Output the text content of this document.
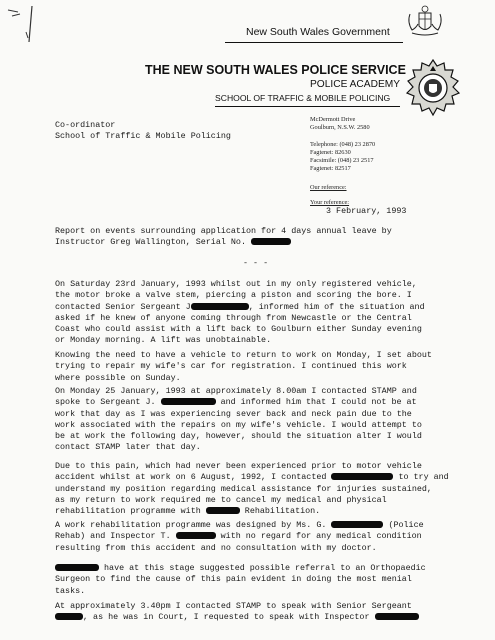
New South Wales Government
THE NEW SOUTH WALES POLICE SERVICE
POLICE ACADEMY
SCHOOL OF TRAFFIC & MOBILE POLICING
Co-ordinator
School of Traffic & Mobile Policing
McDermott Drive
Goulburn, N.S.W. 2580
Telephone: (048) 23 2870
Fagtenet: 82630
Facsimile: (048) 23 2517
Fagtenet: 82517
Our reference:
Your reference:
3 February, 1993
Report on events surrounding application for 4 days annual leave by
Instructor Greg Wallington, Serial No.
- - -
On Saturday 23rd January, 1993 whilst out in my only registered vehicle,
the motor broke a valve stem, piercing a piston and scoring the bore. I
contacted Senior Sergeant J	, informed him of the situation and
asked if he knew of anyone coming through from Newcastle or the Central
Coast who could assist with a lift back to Goulburn either Sunday evening
or Monday morning. A lift was unobtainable.
Knowing the need to have a vehicle to return to work on Monday, I set about
trying to repair my wife's car for registration. I continued this work
where possible on Sunday.
On Monday 25 January, 1993 at approximately 8.00am I contacted STAMP and
spoke to Sergeant J.	and informed him that I could not be at
work that day as I was experiencing sever back and neck pain due to the
work associated with the repairs on my wife's vehicle. I would attempt to
be at work the following day, however, should the situation alter I would
contact STAMP later that day.
Due to this pain, which had never been experienced prior to motor vehicle
accident whilst at work on 6 August, 1992, I contacted	to try and
understand my position regarding medical assistance for injuries sustained,
as my return to work required me to cancel my medical and physical
rehabilitation programme with	Rehabilitation.
A work rehabilitation programme was designed by Ms. G.	(Police
Rehab) and Inspector T.	with no regard for any medical condition
resulting from this accident and no consultation with my doctor.
have at this stage suggested possible referral to an Orthopaedic
Surgeon to find the cause of this pain evident in doing the most menial
tasks.
At approximately 3.40pm I contacted STAMP to speak with Senior Sergeant
, as he was in Court, I requested to speak with Inspector
